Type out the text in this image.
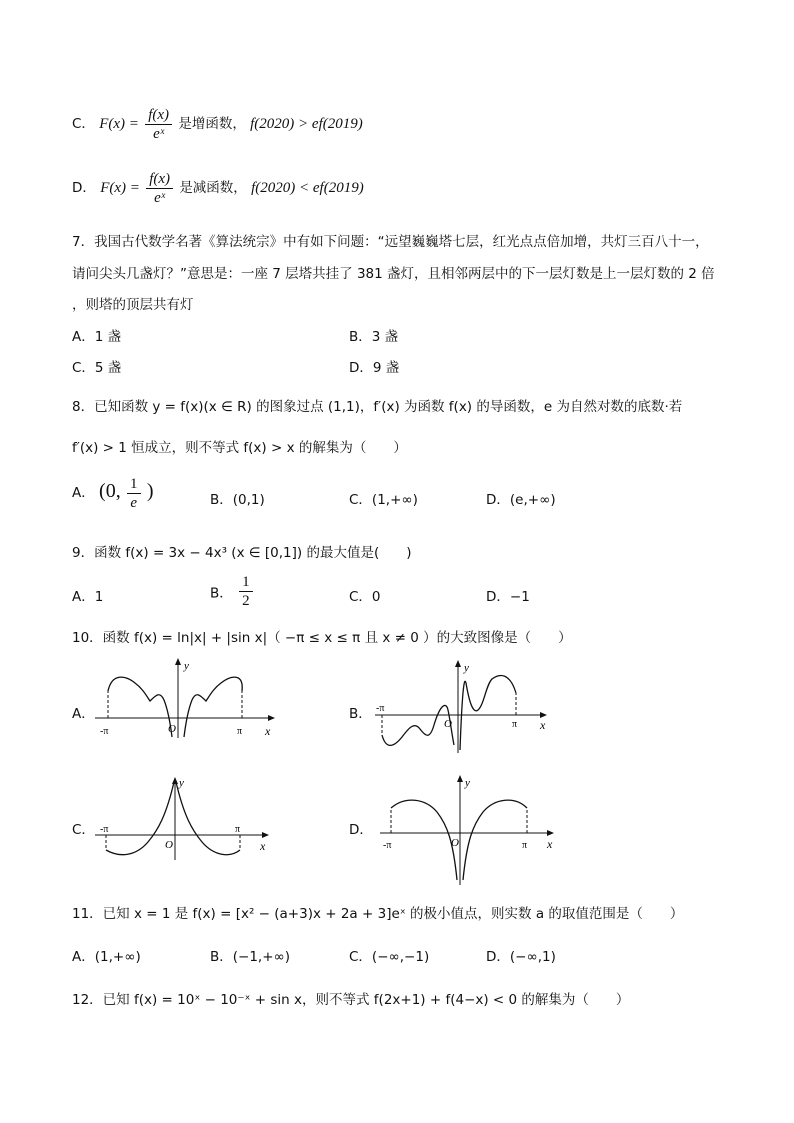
C． $F(x) = \frac{f(x)}{\text{eˣ}}$ 是增函数， f(2020) > ef(2019)
D． $F(x) = \frac{f(x)}{\text{eˣ}}$ 是减函数， f(2020) < ef(2019)
7．我国古代数学名著《算法统宗》中有如下问题：“远望巍巍塔七层，红光点点倍加增，共灯三百八十一，
请问尖头几盏灯？”意思是：一座 7 层塔共挂了 381 盏灯，且相邻两层中的下一层灯数是上一层灯数的 2 倍
，则塔的顶层共有灯
A．1 盏	B．3 盏
C．5 盏	D．9 盏
8．已知函数 y = f(x)(x ∈ R) 的图象过点 (1,1)，f′(x) 为函数 f(x) 的导函数，e 为自然对数的底数·若
f′(x) > 1 恒成立，则不等式 f(x) > x 的解集为（　　）
A． (0, $\frac{1}{e}$ )	B．(0,1)	C．(1,+∞)	D．(e,+∞)
9．函数 f(x) = 3x − 4x³ (x ∈ [0,1]) 的最大值是(　　)
A．1	B． $\frac{1}{2}$	C．0	D．−1
10．函数 f(x) = ln|x| + |sin x|（ −π ≤ x ≤ π 且 x ≠ 0 ）的大致图像是（　　）
A．	B．
C．	D．
y
x
O
-π	π
y
x
O
-π
π
y
x
O
-π	π
y
x
O
-π	π
11．已知 x = 1 是 f(x) = [x² − (a+3)x + 2a + 3]eˣ 的极小值点，则实数 a 的取值范围是（　　）
A．(1,+∞)	B．(−1,+∞)	C．(−∞,−1)	D．(−∞,1)
12．已知 f(x) = 10ˣ − 10⁻ˣ + sin x，则不等式 f(2x+1) + f(4−x) < 0 的解集为（　　）
